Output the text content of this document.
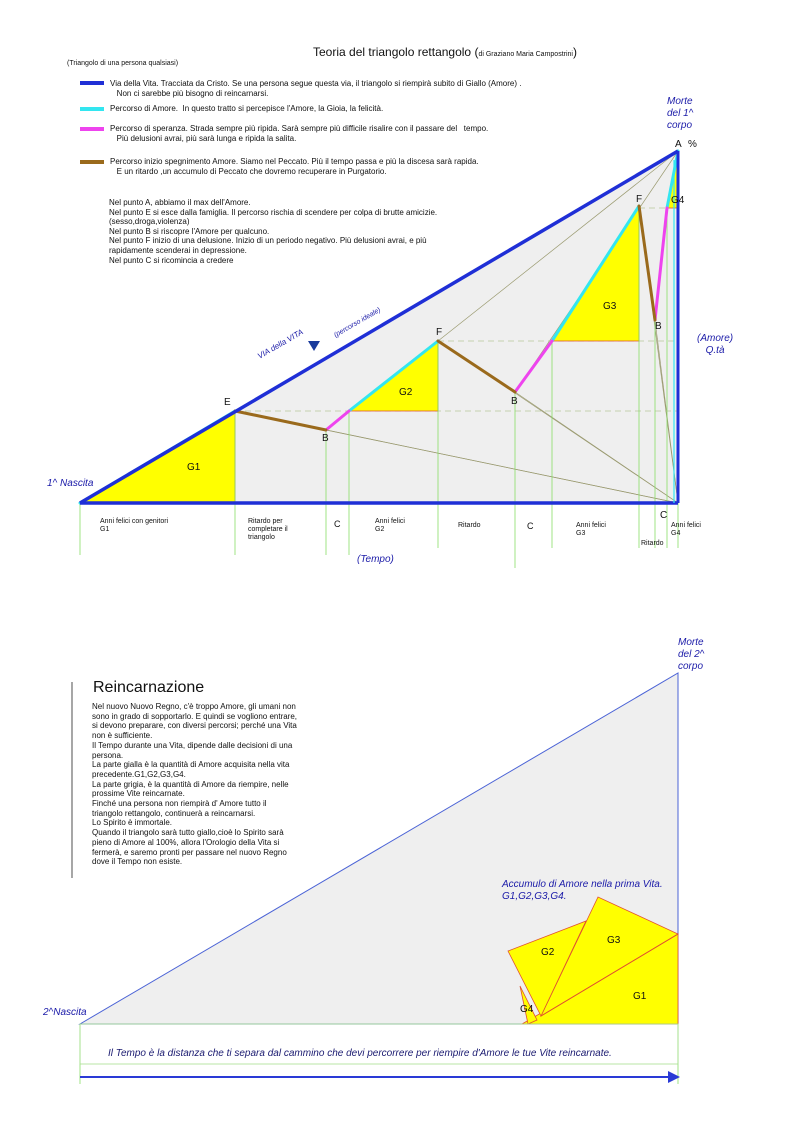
Teoria del triangolo rettangolo (di Graziano Maria Campostrini)
(Triangolo di una persona qualsiasi)
Via della Vita. Tracciata da Cristo. Se una persona segue questa via, il triangolo si riempirà subito di Giallo (Amore) .
Non ci sarebbe più bisogno di reincarnarsi.
Percorso di Amore.  In questo tratto si percepisce l'Amore, la Gioia, la felicità.
Percorso di speranza. Strada sempre più ripida. Sarà sempre più difficile risalire con il passare del   tempo.
Più delusioni avrai, più sarà lunga e ripida la salita.
Percorso inizio spegnimento Amore. Siamo nel Peccato. Più il tempo passa e più la discesa sarà rapida.
E un ritardo ,un accumulo di Peccato che dovremo recuperare in Purgatorio.
Nel punto A, abbiamo il max dell'Amore.
Nel punto E si esce dalla famiglia. Il percorso rischia di scendere per colpa di brutte amicizie.
(sesso,droga,violenza)
Nel punto B si riscopre l'Amore per qualcuno.
Nel punto F inizio di una delusione. Inizio di un periodo negativo. Più delusioni avrai, e più
rapidamente scenderai in depressione.
Nel punto C si ricomincia a credere
1^ Nascita
Morte
del 1^
corpo
A %
(Amore)
Q.tà
(Tempo)
E
B
F
B
F
B
C
G1
G2
G3
G4
VIA della VITA
(percorso ideale)
Anni felici con genitori
G1
Ritardo per
completare il
triangolo
C	Anni felici
G2
Ritardo	C	Anni felici
G3
Ritardo
Anni felici
G4
Reincarnazione
Nel nuovo Nuovo Regno, c'è troppo Amore, gli umani non
sono in grado di sopportarlo. E quindi se vogliono entrare,
si devono preparare, con diversi percorsi; perché una Vita
non è sufficiente.
Il Tempo durante una Vita, dipende dalle decisioni di una
persona.
La parte gialla è la quantità di Amore acquisita nella vita
precedente.G1,G2,G3,G4.
La parte grigia, è la quantità di Amore da riempire, nelle
prossime Vite reincarnate.
Finché una persona non riempirà d' Amore tutto il
triangolo rettangolo, continuerà a reincarnarsi.
Lo Spirito è immortale.
Quando il triangolo sarà tutto giallo,cioè lo Spirito sarà
pieno di Amore al 100%, allora l'Orologio della Vita si
fermerà, e saremo pronti per passare nel nuovo Regno
dove il Tempo non esiste.
Morte
del 2^
corpo
2^Nascita
Accumulo di Amore nella prima Vita.
G1,G2,G3,G4.
G1
G2
G3
G4
Il Tempo è la distanza che ti separa dal cammino che devi percorrere per riempire d'Amore le tue Vite reincarnate.
